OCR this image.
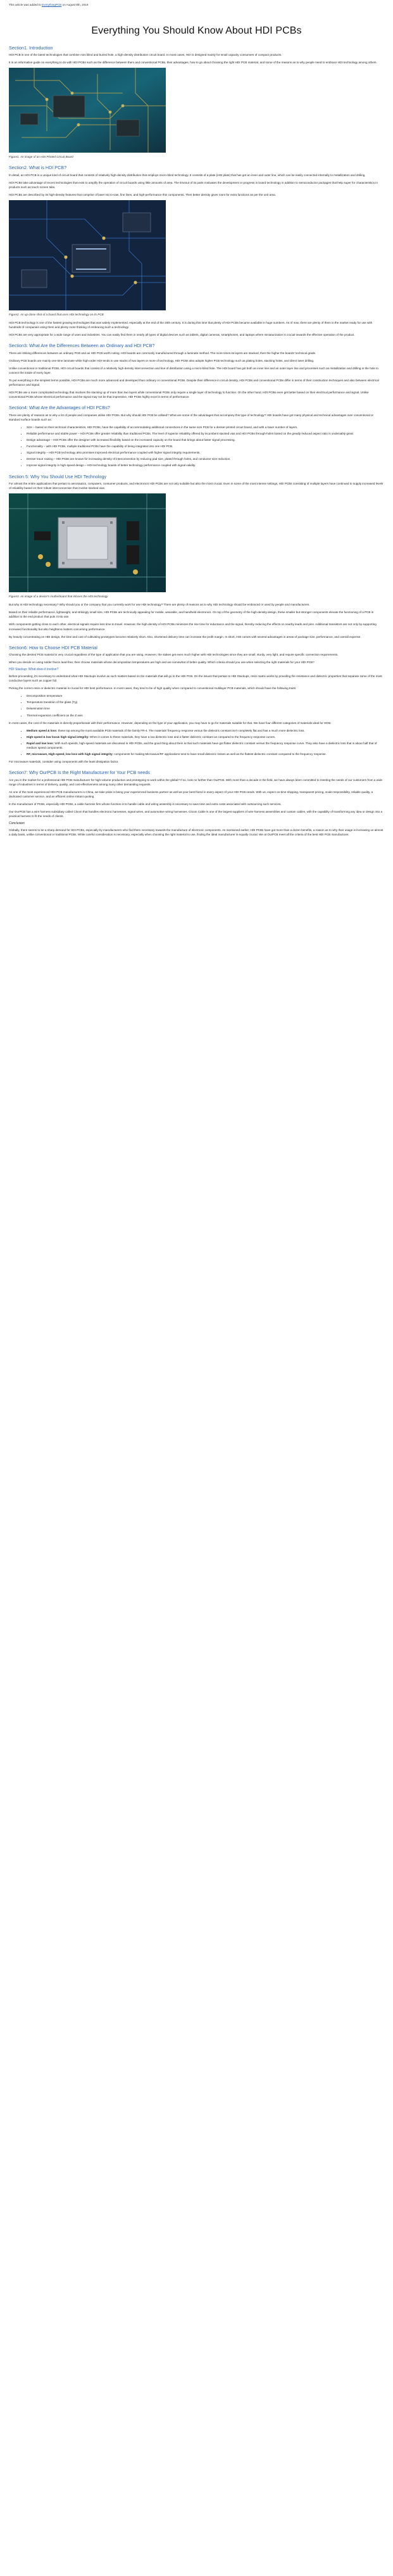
This article was added to EverythingPCB on August 8th, 2019
Everything You Should Know About HDI PCBs
Section1. Introduction

HDI PCB is one of the latest technologies that combine mini blind and buried hole, a high-density distribution circuit board. In most cases, HDI is designed mainly for small capacity consumers of compact products.

It is an informative guide on everything to do with HDI PCBs such as the difference between them and conventional PCBs, their advantages, how to go about choosing the right HDI PCB material, and some of the reasons as to why people need to embrace HDI technology among others.

Figure1. An image of an HDI Printed Circuit Board

Section2. What is HDI PCB?

In detail, an HDI PCB is a unique kind of circuit board that consists of relatively high-density distribution that employs micro-blind technology. It consists of a plate (HDI plate) that has got an inner and outer line, which can be easily connected internally to metallization and drilling.

HDI PCBs take advantage of recent technologies that exist to amplify the operation of circuit boards using little amounts of area. The timeout of its parts motivates the development or progress in board technology in addition to semiconductor packages that help super for characteristics in products such as touch screen tabs.

HDI PCBs are described by its high-density features that comprise of laser micro-vias, fine lines, and high-performance thin components. Their better density gives room for extra functions as per the unit area.

Figure2. An up-close shot of a board that uses HDI technology on its PCB

HDI PCB technology is one of the fastest growing technologies that was widely implemented, especially at the end of the 20th century. It is during this time that plenty of HDI PCBs became available in huge numbers. As of now, there are plenty of them in the market ready for use with hundreds of companies using them and plenty more thinking of embracing such a technology.

HDI PCBs are very appropriate for a wide range of uses and industries. You can easily find them in nearly all types of digital devices such as tablets, digital cameras, smartphones, and laptops where miniaturization is crucial towards the effective operation of the product.

Section3: What Are the Differences Between an Ordinary and HDI PCB?

There are striking differences between an ordinary PCB and an HDI PCB worth noting. HDI boards are commonly manufactured through a laminate method. The more times its layers are stacked, then the higher the boards' technical grade.

Ordinary PCB boards are mainly one-time laminate while high-order HDI tends to use stacks of two layers or more of technology. HDI PCBs also adopts higher PCB technology such as plating holes, stacking holes, and direct laser drilling.

Unlike conventional or traditional PCBs, HDI circuit boards that consist of a relatively high-density interconnection and line of distribution using a micro-blind hole. The HDI board has got both an inner line and an outer layer line and processes such as metallization and drilling in the hole to connect the inside of every layer.

To put everything in the simplest terms possible, HDI PCBs are much more advanced and developed than ordinary or conventional PCBs. Despite their difference in circuit density, HDI PCBs and conventional PCBs differ in terms of their construction techniques and also between electrical performance and signal.

HDI PCBs use a more complicated technology that involves the stacking up of more than two layers while conventional PCBs only require a single layer of technology to function. On the other hand, HDI PCBs even get better based on their electrical performance and signal. Unlike conventional PCBs whose electrical performance and the signal may not be that impressive, HDI PCBs highly excel in terms of performance.

Section4: What Are the Advantages of HDI PCBs?

There are plenty of reasons as to why a lot of people and companies utilise HDI PCBs. But why should HDI PCB be utilised? What are some of the advantages that accompany this type of technology? HDI boards have got many physical and technical advantages over conventional or standard surface boards such as:

• Size – based on their technical characteristics, HDI PCBs, have the capability of accommodating additional connections in the same size PCB for a denser-printed circuit board, and with a lower number of layers.
• Reliable performance and stable power – HDI PCBs offer greater reliability than traditional PCBs. The level of superior reliability offered by incumbent stacked vias and HDI PCBs through-holes based on the greatly reduced aspect ratio is undeniably great.
• Design advantage – HDI PCBs offer the designer with increased flexibility based on the increased capacity on the board that brings about faster signal processing.
• Functionality – with HDI PCBs, multiple traditional PCBs have the capability of being integrated into one HDI PCB.
• Signal integrity – HDI PCB technology also promises improved electrical performance coupled with higher signal integrity requirements.
• Denser trace routing – HDI PCBs are known for increasing density of interconnection by reducing pad size, plated through holes, and conductor size reduction.
• Improve signal integrity in high-speed design – HDI technology boasts of better technology performance coupled with signal validity.
Section 5: Why You Should Use HDI Technology

For almost the entire applications that pertain to aeronautics, computers, consumer products, and electronics HDI PCBs are not only suitable but also the most crucial. Even in some of the most intense settings, HDI PCBs consisting of multiple layers have continued to supply increased levels of reliability based on their robust interconnection that involve stacked vias.

Figure3. An image of a device's motherboard that infuses the HDI technology

But why is HDI technology necessary? Why should you or the company that you currently work for use HDI technology? There are plenty of reasons as to why HDI technology should be embraced or used by people and manufacturers.

Based on their reliable performance, lightweight, and strikingly small size, HDI PCBs are technically appealing for mobile, wearable, and handheld electronics. On top of the geometry of the high-density design, these smaller but stronger components elevate the functioning of a PCB in addition to the end product that puts it into use.

With components getting close to each other, electrical signals require less time to travel. However, the high-density of HDI PCBs minimizes the rise time for inductance and the signal, thereby reducing the effects on nearby leads and pins. Additional transistors are not only by supporting increased functionality but also heightens matters concerning performance.

By heavily concentrating on HDI design, the time and cost of cultivating prototypes become relatively short. Also, shortened delivery time can increase the profit margin. In short, HDI comes with several advantages in areas of package size, performance, and overall expense.

Section6: How to Choose HDI PCB Material

Choosing the desired PCB material is very crucial regardless of the type of application that you are using. However, the stakes get even much higher with HDI technologies since they are small, sturdy, very light, and require specific connection requirements.

When you decide on using solder that is lead-free, then choose materials whose decomposition temperatures are high and are somewhat of better quality. Which criteria should you use when selecting the right materials for your HDI PCB?

HDI Stackup: What does it involve?

Before proceeding, it's necessary to understand what HDI Stackups involve as such matters based on the materials that will go to the HDI PCB. On the issues that pertain to HDI Stackups, resin matrix works by providing the resistance and dielectric properties that separate some of the most conductive layers such as copper foil.

Picking the correct resin or dielectric material is crucial for HDI best performance. In most cases, they tend to be of high quality when compared to conventional multilayer PCB materials, which should have the following traits:

• Decomposition temperature
• Temperature transition of the glass (Tg)
• Delamination time
• Thermal expansion coefficient on the Z axis

In most cases, the cost of the materials is directly proportionate with their performance. However, depending on the type of your application, you may have to go for materials suitable for that. We have four different categories of materials ideal for HDIs:

• Medium speed & loss: these top among the most available PCB materials of the family FR-4. The materials' frequency response versus the dielectric constant isn't completely flat and has a much more dielectric loss.
• High-speed & low loss& high signal integrity: When it comes to these materials, they have a low dielectric loss and a flatter dielectric constant as compared to the frequency response curves.
• Rapid and low loss: With such speeds, high-speed materials are discussed in HDI PCBs, and the good thing about them is that such materials have got flatter dielectric constant versus the frequency response curve. They also have a dielectric loss that is about half that of medium speed components.
• RF, microwave, High-speed, low loss with high signal integrity: components for making Microwave/RF applications tend to have small dielectric losses as well as the flattest dielectric constant compared to the frequency response.

For microwave materials, consider using components with the least dissipation factor.

Section7: Why OurPCB Is the Right Manufacturer for Your PCB needs

Are you in the market for a professional HDI PCB manufacturer for high-volume production and prototyping to work within the global? If so, look no further than OurPCB. With more than a decade in the field, we have always been committed to meeting the needs of our customers from a wide range of industries in terms of delivery, quality, and cost-effectiveness among many other demanding requests.

As one of the most experienced HDI PCB manufacturers in China, we take pride in being your experienced business partner as well as your best friend in every aspect of your HDI PCB needs. With us, expect on-time shipping, transparent pricing, scale-responsibility, reliable quality, a dedicated customer service, and an efficient online instant quoting.

In the manufacture of PCBs, especially HDI PCBs, a cable harness firm whose function is to handle cable and wiring assembly is necessary to save time and extra costs associated with outsourcing such services.

Our OurPCB has a wire harness subsidiary called Cloom that handles electronic harnesses, signal wires, and automotive wiring harnesses. Cloom Cable is one of the largest suppliers of wire harness assemblies and custom cables, with the capability of transforming any idea or design into a practical harness to fit the needs of clients.

Conclusion

Globally, there seems to be a sharp demand for HDI PCBs, especially by manufacturers who find them necessary towards the manufacture of electronic components. As mentioned earlier, HDI PCBs have got more than a dozen benefits, a reason as to why their usage is increasing on almost a daily basis, unlike conventional or traditional PCBs. While careful consideration is necessary, especially when choosing the right material to use, finding the ideal manufacturer is equally crucial. We at OurPCB meet all the criteria of the best HDI PCB manufacturer.
